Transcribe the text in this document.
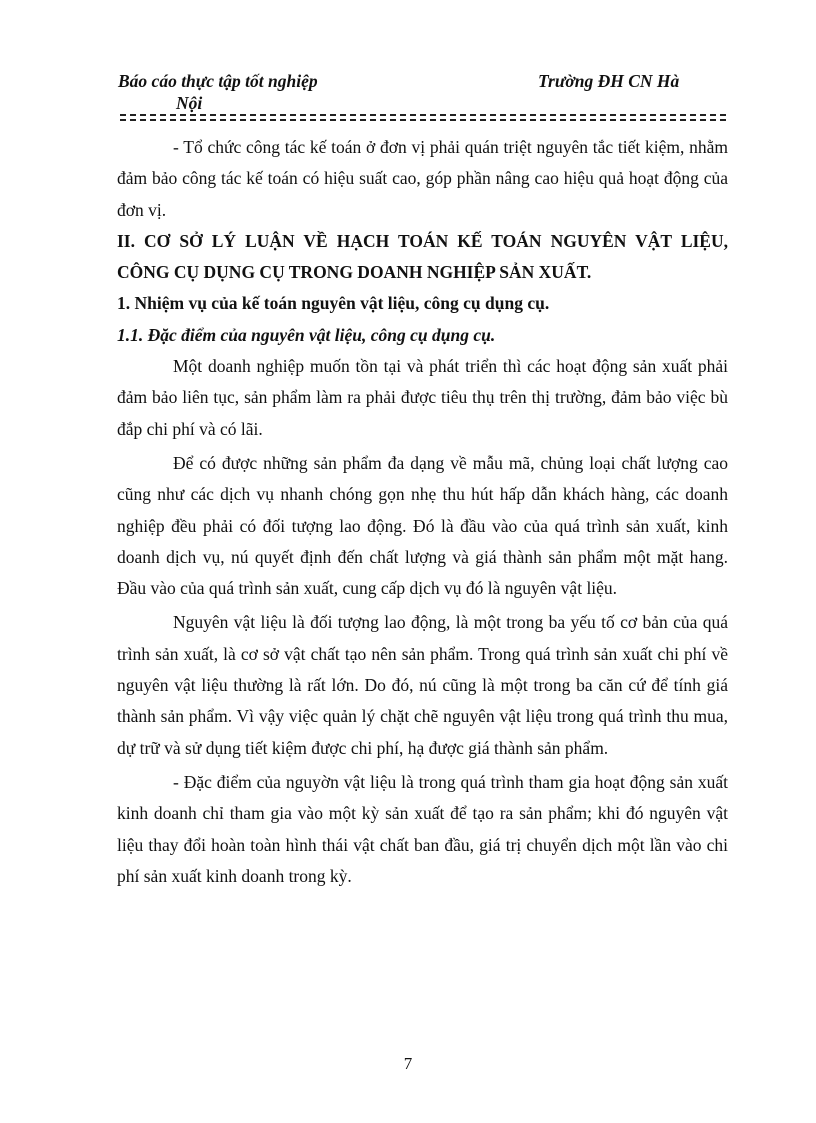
Báo cáo thực tập tốt nghiệp
Nội
Trường ĐH CN Hà

- Tổ chức công tác kế toán ở đơn vị phải quán triệt nguyên tắc tiết kiệm, nhằm đảm bảo công tác kế toán có hiệu suất cao, góp phần nâng cao hiệu quả hoạt động của đơn vị.

II. CƠ SỞ LÝ LUẬN VỀ HẠCH TOÁN KẾ TOÁN NGUYÊN VẬT LIỆU, CÔNG CỤ DỤNG CỤ TRONG DOANH NGHIỆP SẢN XUẤT.

1. Nhiệm vụ của kế toán nguyên vật liệu, công cụ dụng cụ.

1.1. Đặc điểm của nguyên vật liệu, công cụ dụng cụ.

Một doanh nghiệp muốn tồn tại và phát triển thì các hoạt động sản xuất phải đảm bảo liên tục, sản phẩm làm ra phải được tiêu thụ trên thị trường, đảm bảo việc bù đắp chi phí và có lãi.

Để có được những sản phẩm đa dạng về mẫu mã, chủng loại chất lượng cao cũng như các dịch vụ nhanh chóng gọn nhẹ thu hút hấp dẫn khách hàng, các doanh nghiệp đều phải có đối tượng lao động. Đó là đầu vào của quá trình sản xuất, kinh doanh dịch vụ, nú quyết định đến chất lượng và giá thành sản phẩm một mặt hang. Đầu vào của quá trình sản xuất, cung cấp dịch vụ đó là nguyên vật liệu.

Nguyên vật liệu là đối tượng lao động, là một trong ba yếu tố cơ bản của quá trình sản xuất, là cơ sở vật chất tạo nên sản phẩm. Trong quá trình sản xuất chi phí về nguyên vật liệu thường là rất lớn. Do đó, nú cũng là một trong ba căn cứ để tính giá thành sản phẩm. Vì vậy việc quản lý chặt chẽ nguyên vật liệu trong quá trình thu mua, dự trữ và sử dụng tiết kiệm được chi phí, hạ được giá thành sản phẩm.

- Đặc điểm của nguyờn vật liệu là trong quá trình tham gia hoạt động sản xuất kinh doanh chỉ tham gia vào một kỳ sản xuất để tạo ra sản phẩm; khi đó nguyên vật liệu thay đổi hoàn toàn hình thái vật chất ban đầu, giá trị chuyển dịch một lần vào chi phí sản xuất kinh doanh trong kỳ.

7
